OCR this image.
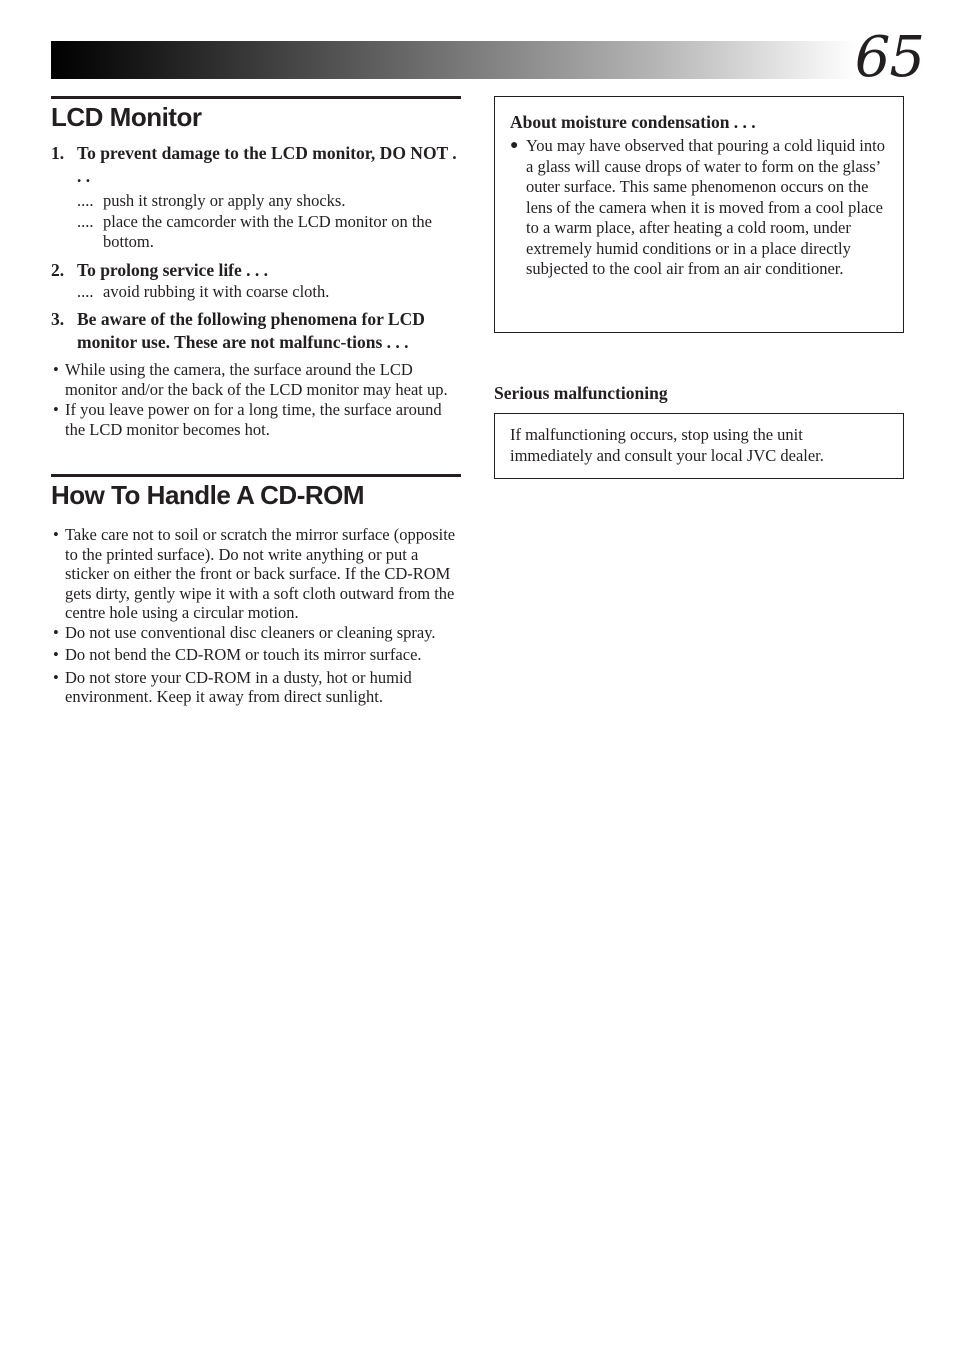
65
LCD Monitor
1. To prevent damage to the LCD monitor, DO NOT . . .
.... push it strongly or apply any shocks.
.... place the camcorder with the LCD monitor on the bottom.
2. To prolong service life . . .
.... avoid rubbing it with coarse cloth.
3. Be aware of the following phenomena for LCD monitor use. These are not malfunc-tions . . .
• While using the camera, the surface around the LCD monitor and/or the back of the LCD monitor may heat up.
• If you leave power on for a long time, the surface around the LCD monitor becomes hot.
How To Handle A CD-ROM
• Take care not to soil or scratch the mirror surface (opposite to the printed surface). Do not write anything or put a sticker on either the front or back surface. If the CD-ROM gets dirty, gently wipe it with a soft cloth outward from the centre hole using a circular motion.
• Do not use conventional disc cleaners or cleaning spray.
• Do not bend the CD-ROM or touch its mirror surface.
• Do not store your CD-ROM in a dusty, hot or humid environment. Keep it away from direct sunlight.
About moisture condensation . . .
● You may have observed that pouring a cold liquid into a glass will cause drops of water to form on the glass’ outer surface. This same phenomenon occurs on the lens of the camera when it is moved from a cool place to a warm place, after heating a cold room, under extremely humid conditions or in a place directly subjected to the cool air from an air conditioner.
Serious malfunctioning
If malfunctioning occurs, stop using the unit immediately and consult your local JVC dealer.
